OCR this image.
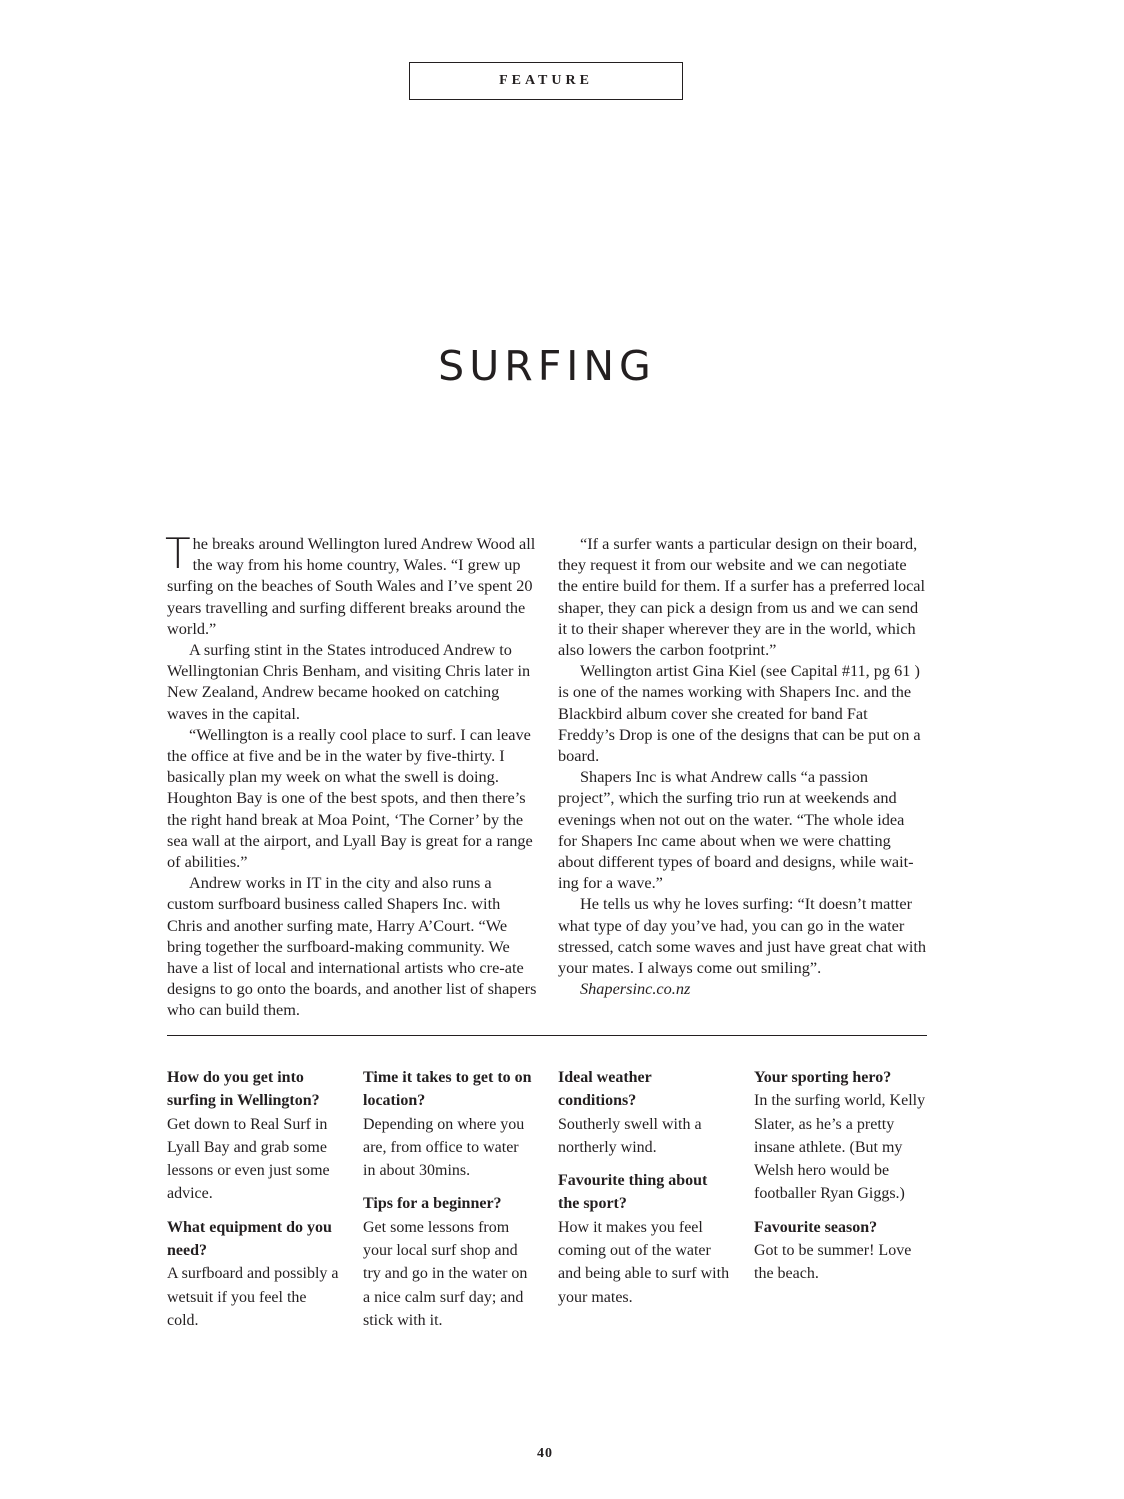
FEATURE
SURFING

The breaks around Wellington lured Andrew Wood all the way from his home country, Wales. “I grew up surfing on the beaches of South Wales and I’ve spent 20 years travelling and surfing different breaks around the world.”

A surfing stint in the States introduced Andrew to Wellingtonian Chris Benham, and visiting Chris later in New Zealand, Andrew became hooked on catching waves in the capital.

“Wellington is a really cool place to surf. I can leave the office at five and be in the water by five-thirty. I basically plan my week on what the swell is doing. Houghton Bay is one of the best spots, and then there’s the right hand break at Moa Point, ‘The Corner’ by the sea wall at the airport, and Lyall Bay is great for a range of abilities.”

Andrew works in IT in the city and also runs a custom surfboard business called Shapers Inc. with Chris and another surfing mate, Harry A’Court. “We bring together the surfboard-making community. We have a list of local and international artists who cre-ate designs to go onto the boards, and another list of shapers who can build them.

“If a surfer wants a particular design on their board, they request it from our website and we can negotiate the entire build for them. If a surfer has a preferred local shaper, they can pick a design from us and we can send it to their shaper wherever they are in the world, which also lowers the carbon footprint.”

Wellington artist Gina Kiel (see Capital #11, pg 61 ) is one of the names working with Shapers Inc. and the Blackbird album cover she created for band Fat Freddy’s Drop is one of the designs that can be put on a board.

Shapers Inc is what Andrew calls “a passion project”, which the surfing trio run at weekends and evenings when not out on the water. “The whole idea for Shapers Inc came about when we were chatting about different types of board and designs, while wait-ing for a wave.”

He tells us why he loves surfing: “It doesn’t matter what type of day you’ve had, you can go in the water stressed, catch some waves and just have great chat with your mates. I always come out smiling”.

Shapersinc.co.nz

How do you get into surfing in Wellington?
Get down to Real Surf in Lyall Bay and grab some lessons or even just some advice.
What equipment do you need?
A surfboard and possibly a wetsuit if you feel the cold.
Time it takes to get to on location?
Depending on where you are, from office to water in about 30mins.
Tips for a beginner?
Get some lessons from your local surf shop and try and go in the water on a nice calm surf day; and stick with it.
Ideal weather conditions?
Southerly swell with a northerly wind.
Favourite thing about the sport?
How it makes you feel coming out of the water and being able to surf with your mates.
Your sporting hero?
In the surfing world, Kelly Slater, as he’s a pretty insane athlete. (But my Welsh hero would be footballer Ryan Giggs.)
Favourite season?
Got to be summer! Love the beach.
40
